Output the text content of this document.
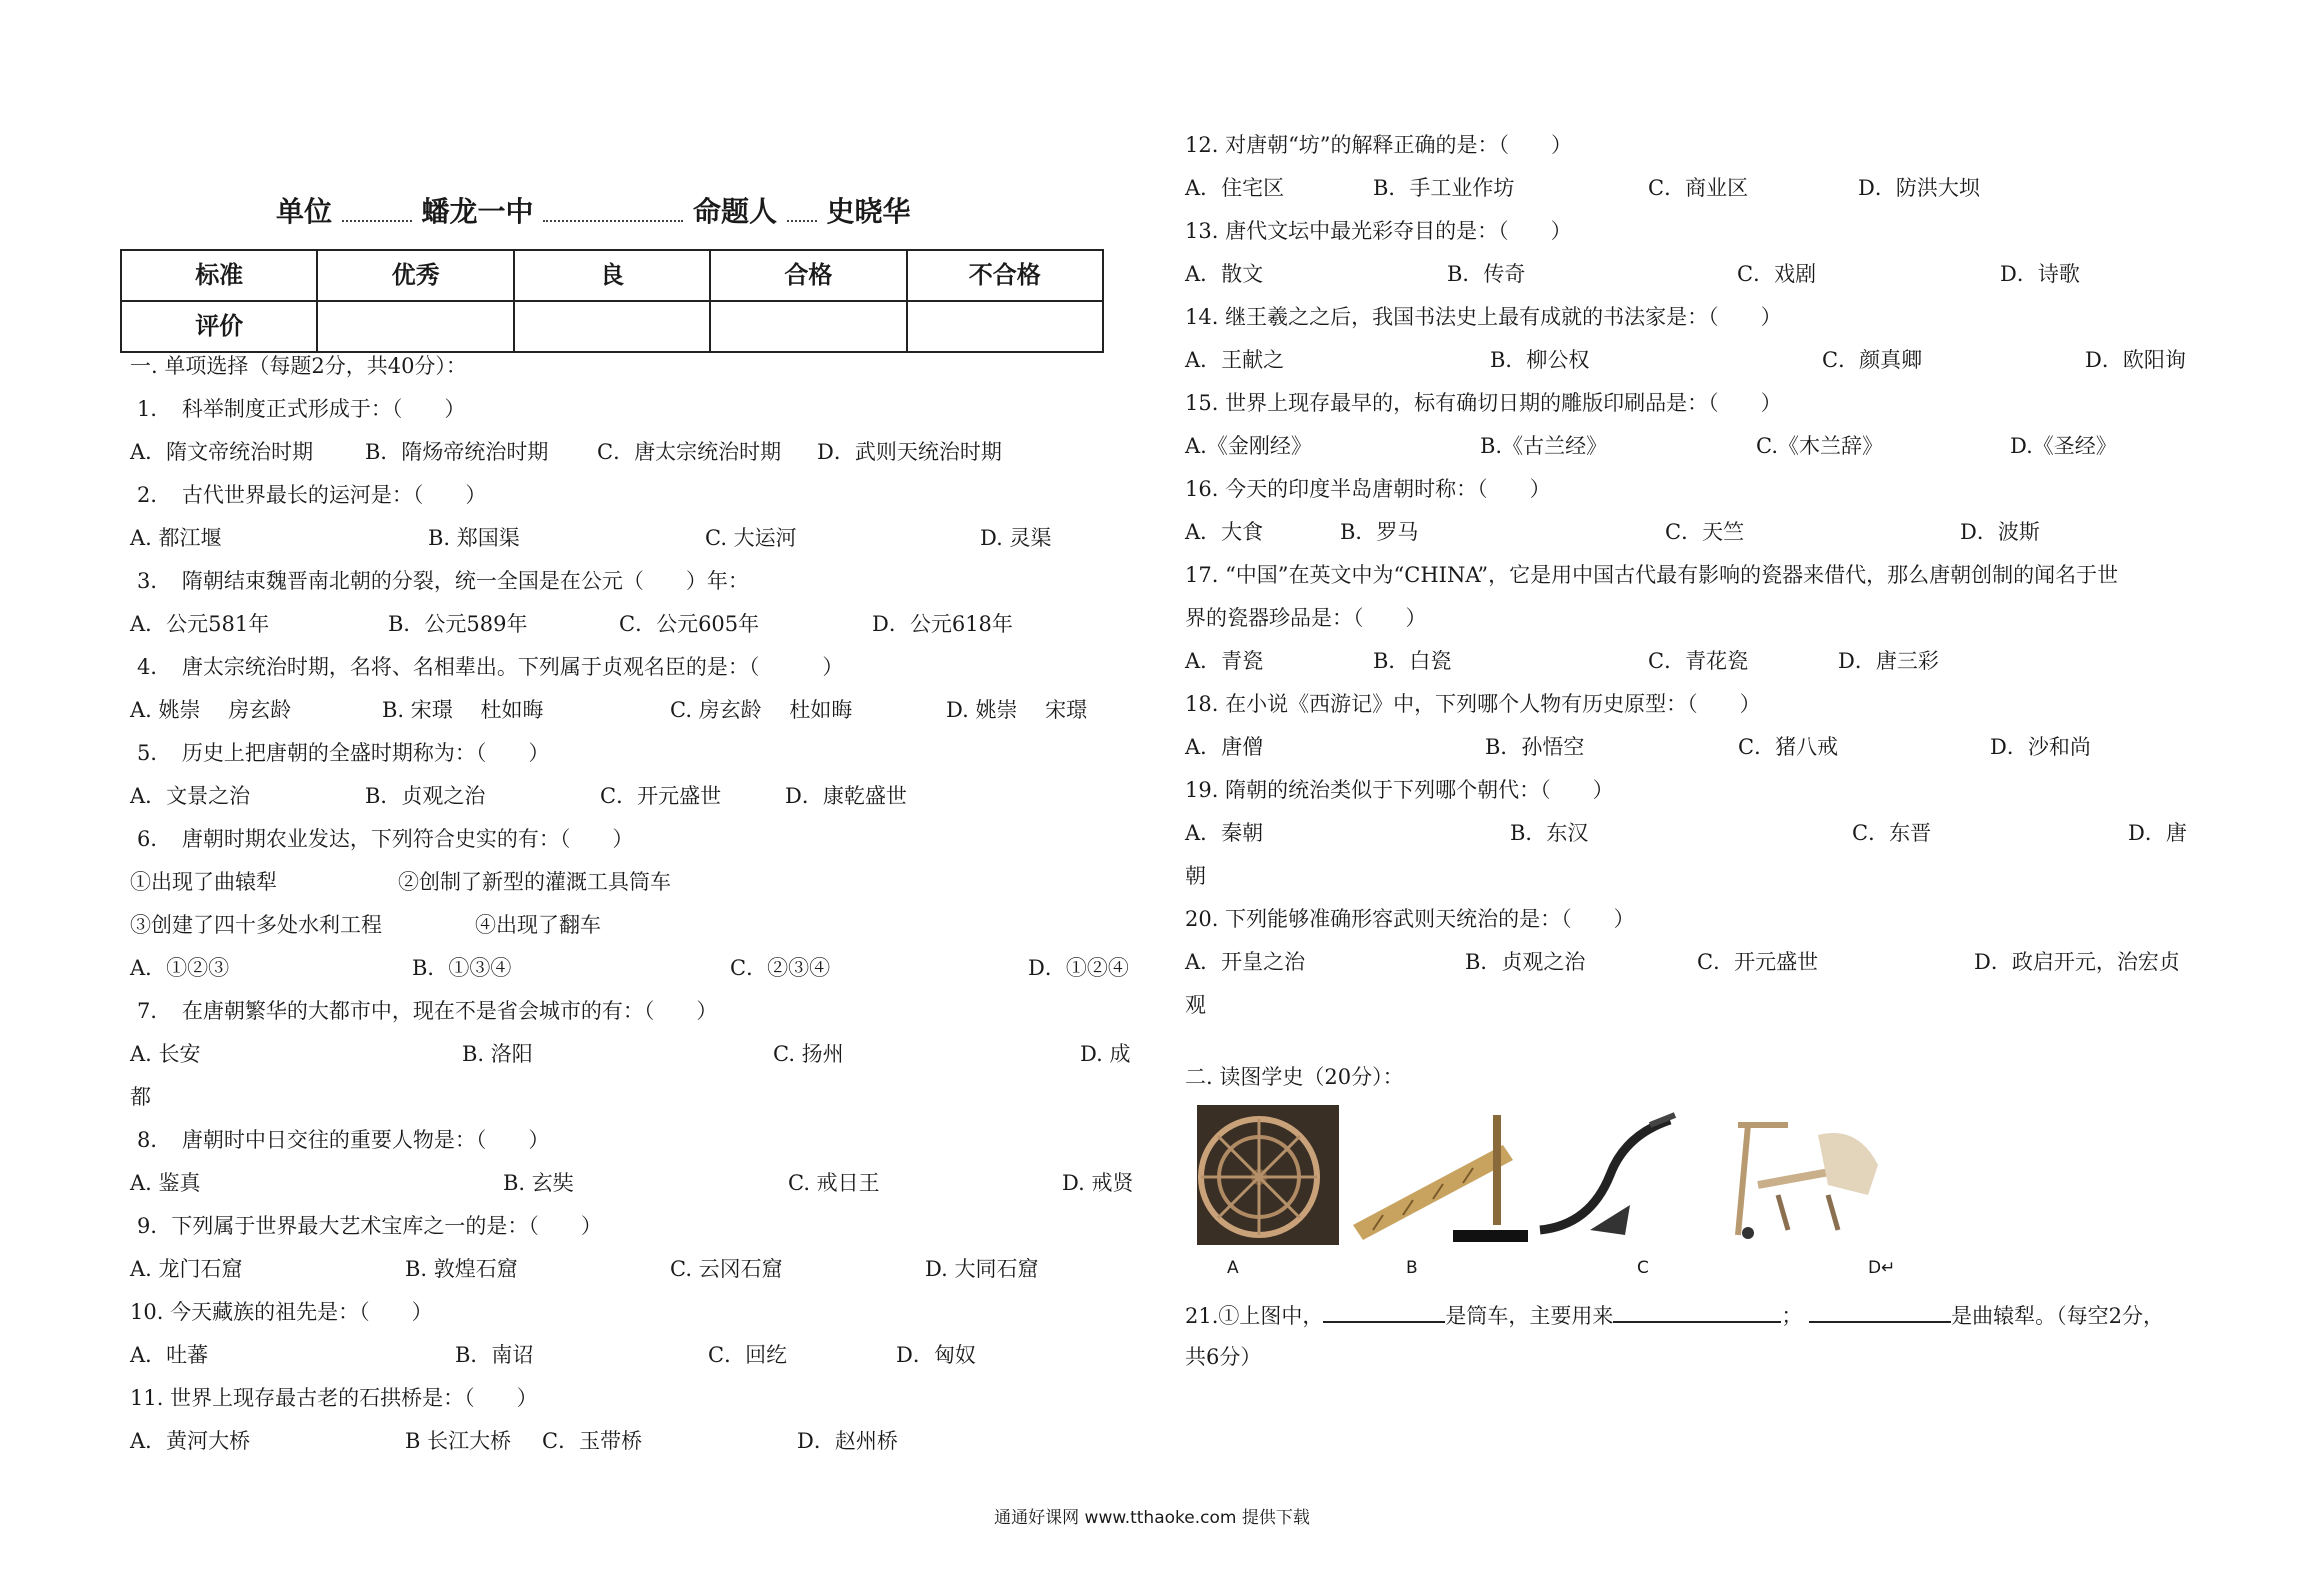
单位	蟠龙一中	命题人 史晓华
标准	优秀	良	合格	不合格
评价				
一. 单项选择（每题2分，共40分）：
1．　科举制度正式形成于：（　　）
A．隋文帝统治时期 B．隋炀帝统治时期 C．唐太宗统治时期 D．武则天统治时期
2．　古代世界最长的运河是：（　　）
A. 都江堰	B. 郑国渠	C. 大运河	D. 灵渠
3．　隋朝结束魏晋南北朝的分裂，统一全国是在公元（　　）年：
A．公元581年	B．公元589年	C．公元605年	D．公元618年
4．　唐太宗统治时期，名将、名相辈出。下列属于贞观名臣的是：（　　　）
A. 姚崇　 房玄龄	B. 宋璟　 杜如晦	C. 房玄龄　 杜如晦	D. 姚崇　 宋璟
5．　历史上把唐朝的全盛时期称为：（　　）
A．文景之治	B．贞观之治	C．开元盛世	D．康乾盛世
6．　唐朝时期农业发达，下列符合史实的有：（　　）
①出现了曲辕犁	②创制了新型的灌溉工具筒车
③创建了四十多处水利工程	④出现了翻车
A．①②③	B．①③④	C．②③④	D．①②④
7．　在唐朝繁华的大都市中，现在不是省会城市的有：（　　）
A. 长安	B. 洛阳	C. 扬州	D. 成
都
8．　唐朝时中日交往的重要人物是：（　　）
A. 鉴真	B. 玄奘	C. 戒日王	D. 戒贤
9．下列属于世界最大艺术宝库之一的是：（　　）
A. 龙门石窟	B. 敦煌石窟	C. 云冈石窟	D. 大同石窟
10. 今天藏族的祖先是：（　　）
A．吐蕃	B．南诏	C．回纥	D．匈奴
11. 世界上现存最古老的石拱桥是：（　　）
A．黄河大桥	B 长江大桥 C．玉带桥	D．赵州桥
12. 对唐朝“坊”的解释正确的是：（　　）
A．住宅区	B．手工业作坊	C．商业区	D．防洪大坝
13. 唐代文坛中最光彩夺目的是：（　　）
A．散文	B．传奇	C．戏剧	D．诗歌
14. 继王羲之之后，我国书法史上最有成就的书法家是：（　　）
A．王献之	B．柳公权	C．颜真卿	D．欧阳询
15. 世界上现存最早的，标有确切日期的雕版印刷品是：（　　）
A.《金刚经》	B.《古兰经》	C.《木兰辞》	D.《圣经》
16. 今天的印度半岛唐朝时称：（　　）
A．大食	B．罗马	C．天竺	D．波斯
17. “中国”在英文中为“CHINA”，它是用中国古代最有影响的瓷器来借代，那么唐朝创制的闻名于世
界的瓷器珍品是：（　　）
A．青瓷	B．白瓷	C．青花瓷	D．唐三彩
18. 在小说《西游记》中，下列哪个人物有历史原型：（　　）
A．唐僧	B．孙悟空	C．猪八戒	D．沙和尚
19. 隋朝的统治类似于下列哪个朝代：（　　）
A．秦朝	B．东汉	C．东晋	D．唐
朝
20. 下列能够准确形容武则天统治的是：（　　）
A．开皇之治	B．贞观之治	C．开元盛世	D．政启开元，治宏贞
观
二. 读图学史（20分）：
A	B	C	D↵
21.①上图中，	是筒车，主要用来	；	是曲辕犁。（每空2分，
共6分）
通通好课网 www.tthaoke.com 提供下载
